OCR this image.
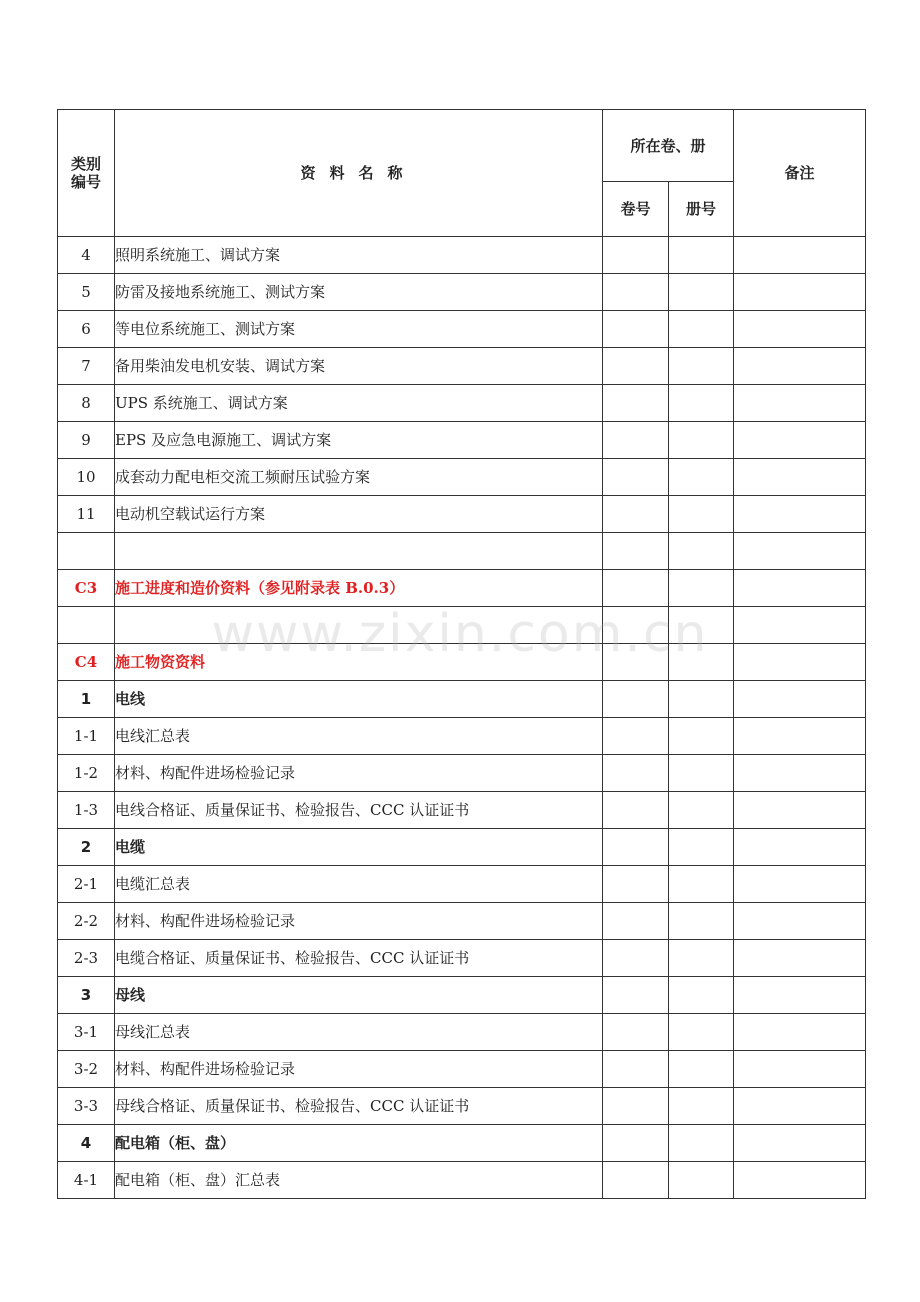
类别
编号	资料名称	所在卷、册		备注
		卷号	册号	
4	照明系统施工、调试方案			
5	防雷及接地系统施工、测试方案			
6	等电位系统施工、测试方案			
7	备用柴油发电机安装、调试方案			
8	UPS 系统施工、调试方案			
9	EPS 及应急电源施工、调试方案			
10	成套动力配电柜交流工频耐压试验方案			
11	电动机空载试运行方案			

C3	施工进度和造价资料（参见附录表 B.0.3）			

C4	施工物资资料			
1	电线			
1-1	电线汇总表			
1-2	材料、构配件进场检验记录			
1-3	电线合格证、质量保证书、检验报告、CCC 认证证书			
2	电缆			
2-1	电缆汇总表			
2-2	材料、构配件进场检验记录			
2-3	电缆合格证、质量保证书、检验报告、CCC 认证证书			
3	母线			
3-1	母线汇总表			
3-2	材料、构配件进场检验记录			
3-3	母线合格证、质量保证书、检验报告、CCC 认证证书			
4	配电箱（柜、盘）			
4-1	配电箱（柜、盘）汇总表			
www.zixin.com.cn
